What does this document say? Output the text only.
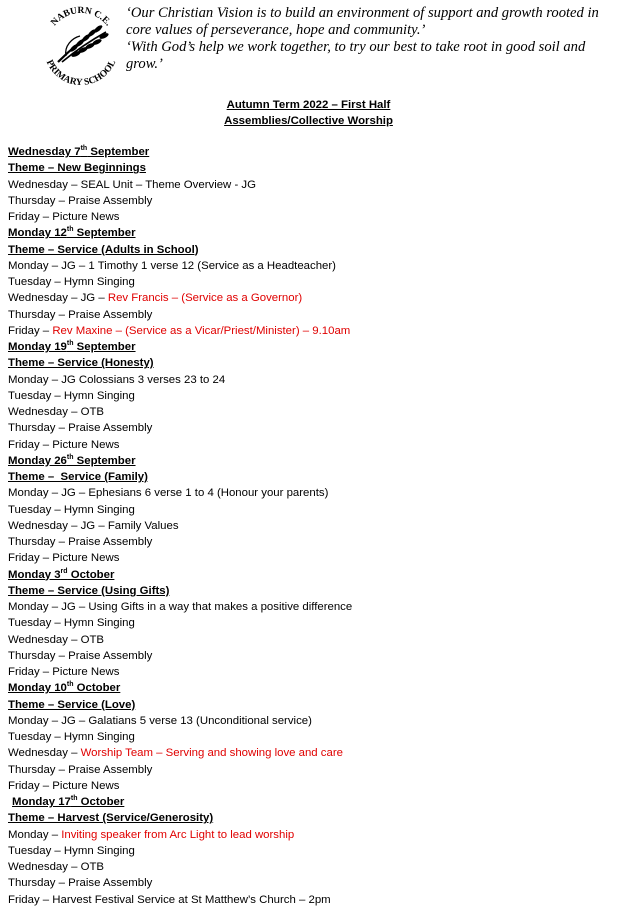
NABURN C.E.
PRIMARY SCHOOL

‘Our Christian Vision is to build an environment of support and growth rooted in core values of perseverance, hope and community.’

‘With God’s help we work together, to try our best to take root in good soil and grow.’

Autumn Term 2022 – First Half
Assemblies/Collective Worship
Wednesday 7th September
Theme – New Beginnings
Wednesday – SEAL Unit – Theme Overview - JG
Thursday – Praise Assembly
Friday – Picture News
Monday 12th September
Theme – Service (Adults in School)
Monday – JG – 1 Timothy 1 verse 12 (Service as a Headteacher)
Tuesday – Hymn Singing
Wednesday – JG – Rev Francis – (Service as a Governor)
Thursday – Praise Assembly
Friday – Rev Maxine – (Service as a Vicar/Priest/Minister) – 9.10am
Monday 19th September
Theme – Service (Honesty)
Monday – JG Colossians 3 verses 23 to 24
Tuesday – Hymn Singing
Wednesday – OTB
Thursday – Praise Assembly
Friday – Picture News
Monday 26th September
Theme –  Service (Family)
Monday – JG – Ephesians 6 verse 1 to 4 (Honour your parents)
Tuesday – Hymn Singing
Wednesday – JG – Family Values
Thursday – Praise Assembly
Friday – Picture News
Monday 3rd October
Theme – Service (Using Gifts)
Monday – JG – Using Gifts in a way that makes a positive difference
Tuesday – Hymn Singing
Wednesday – OTB
Thursday – Praise Assembly
Friday – Picture News
Monday 10th October
Theme – Service (Love)
Monday – JG – Galatians 5 verse 13 (Unconditional service)
Tuesday – Hymn Singing
Wednesday – Worship Team – Serving and showing love and care
Thursday – Praise Assembly
Friday – Picture News
Monday 17th October
Theme – Harvest (Service/Generosity)
Monday – Inviting speaker from Arc Light to lead worship
Tuesday – Hymn Singing
Wednesday – OTB
Thursday – Praise Assembly
Friday – Harvest Festival Service at St Matthew’s Church – 2pm
